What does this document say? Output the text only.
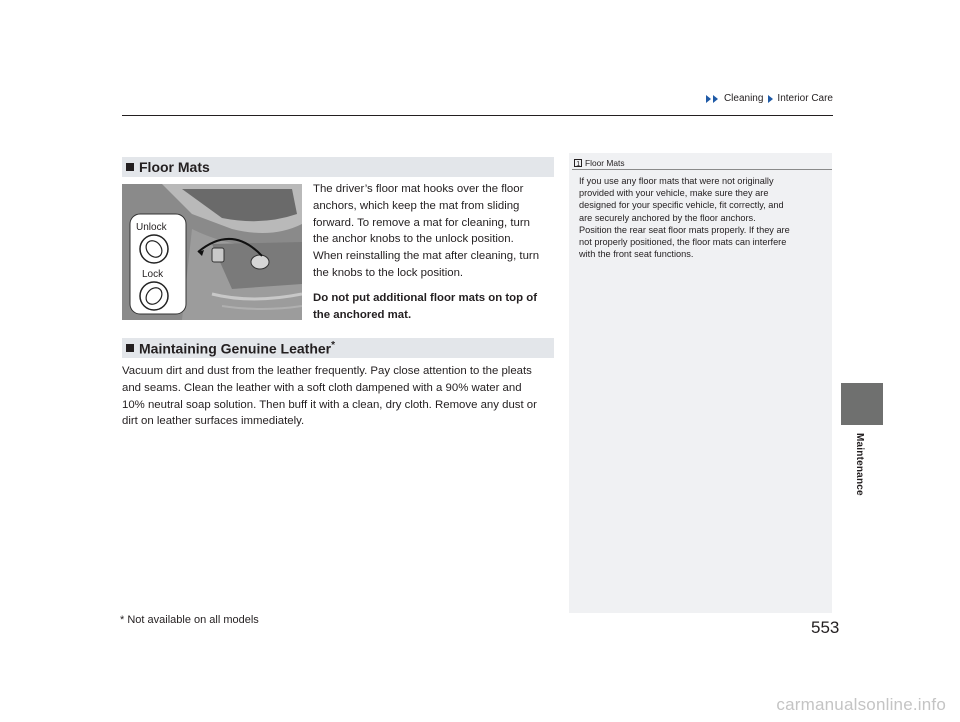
Cleaning Interior Care
Floor Mats
Unlock
Lock
The driver’s floor mat hooks over the floor
anchors, which keep the mat from sliding
forward. To remove a mat for cleaning, turn
the anchor knobs to the unlock position.
When reinstalling the mat after cleaning, turn
the knobs to the lock position.
Do not put additional floor mats on top of
the anchored mat.
Maintaining Genuine Leather*
Vacuum dirt and dust from the leather frequently. Pay close attention to the pleats
and seams. Clean the leather with a soft cloth dampened with a 90% water and
10% neutral soap solution. Then buff it with a clean, dry cloth. Remove any dust or
dirt on leather surfaces immediately.
1 Floor Mats

If you use any floor mats that were not originally

provided with your vehicle, make sure they are

designed for your specific vehicle, fit correctly, and

are securely anchored by the floor anchors.

Position the rear seat floor mats properly. If they are

not properly positioned, the floor mats can interfere

with the front seat functions.

Maintenance
* Not available on all models	553
carmanualsonline.info
